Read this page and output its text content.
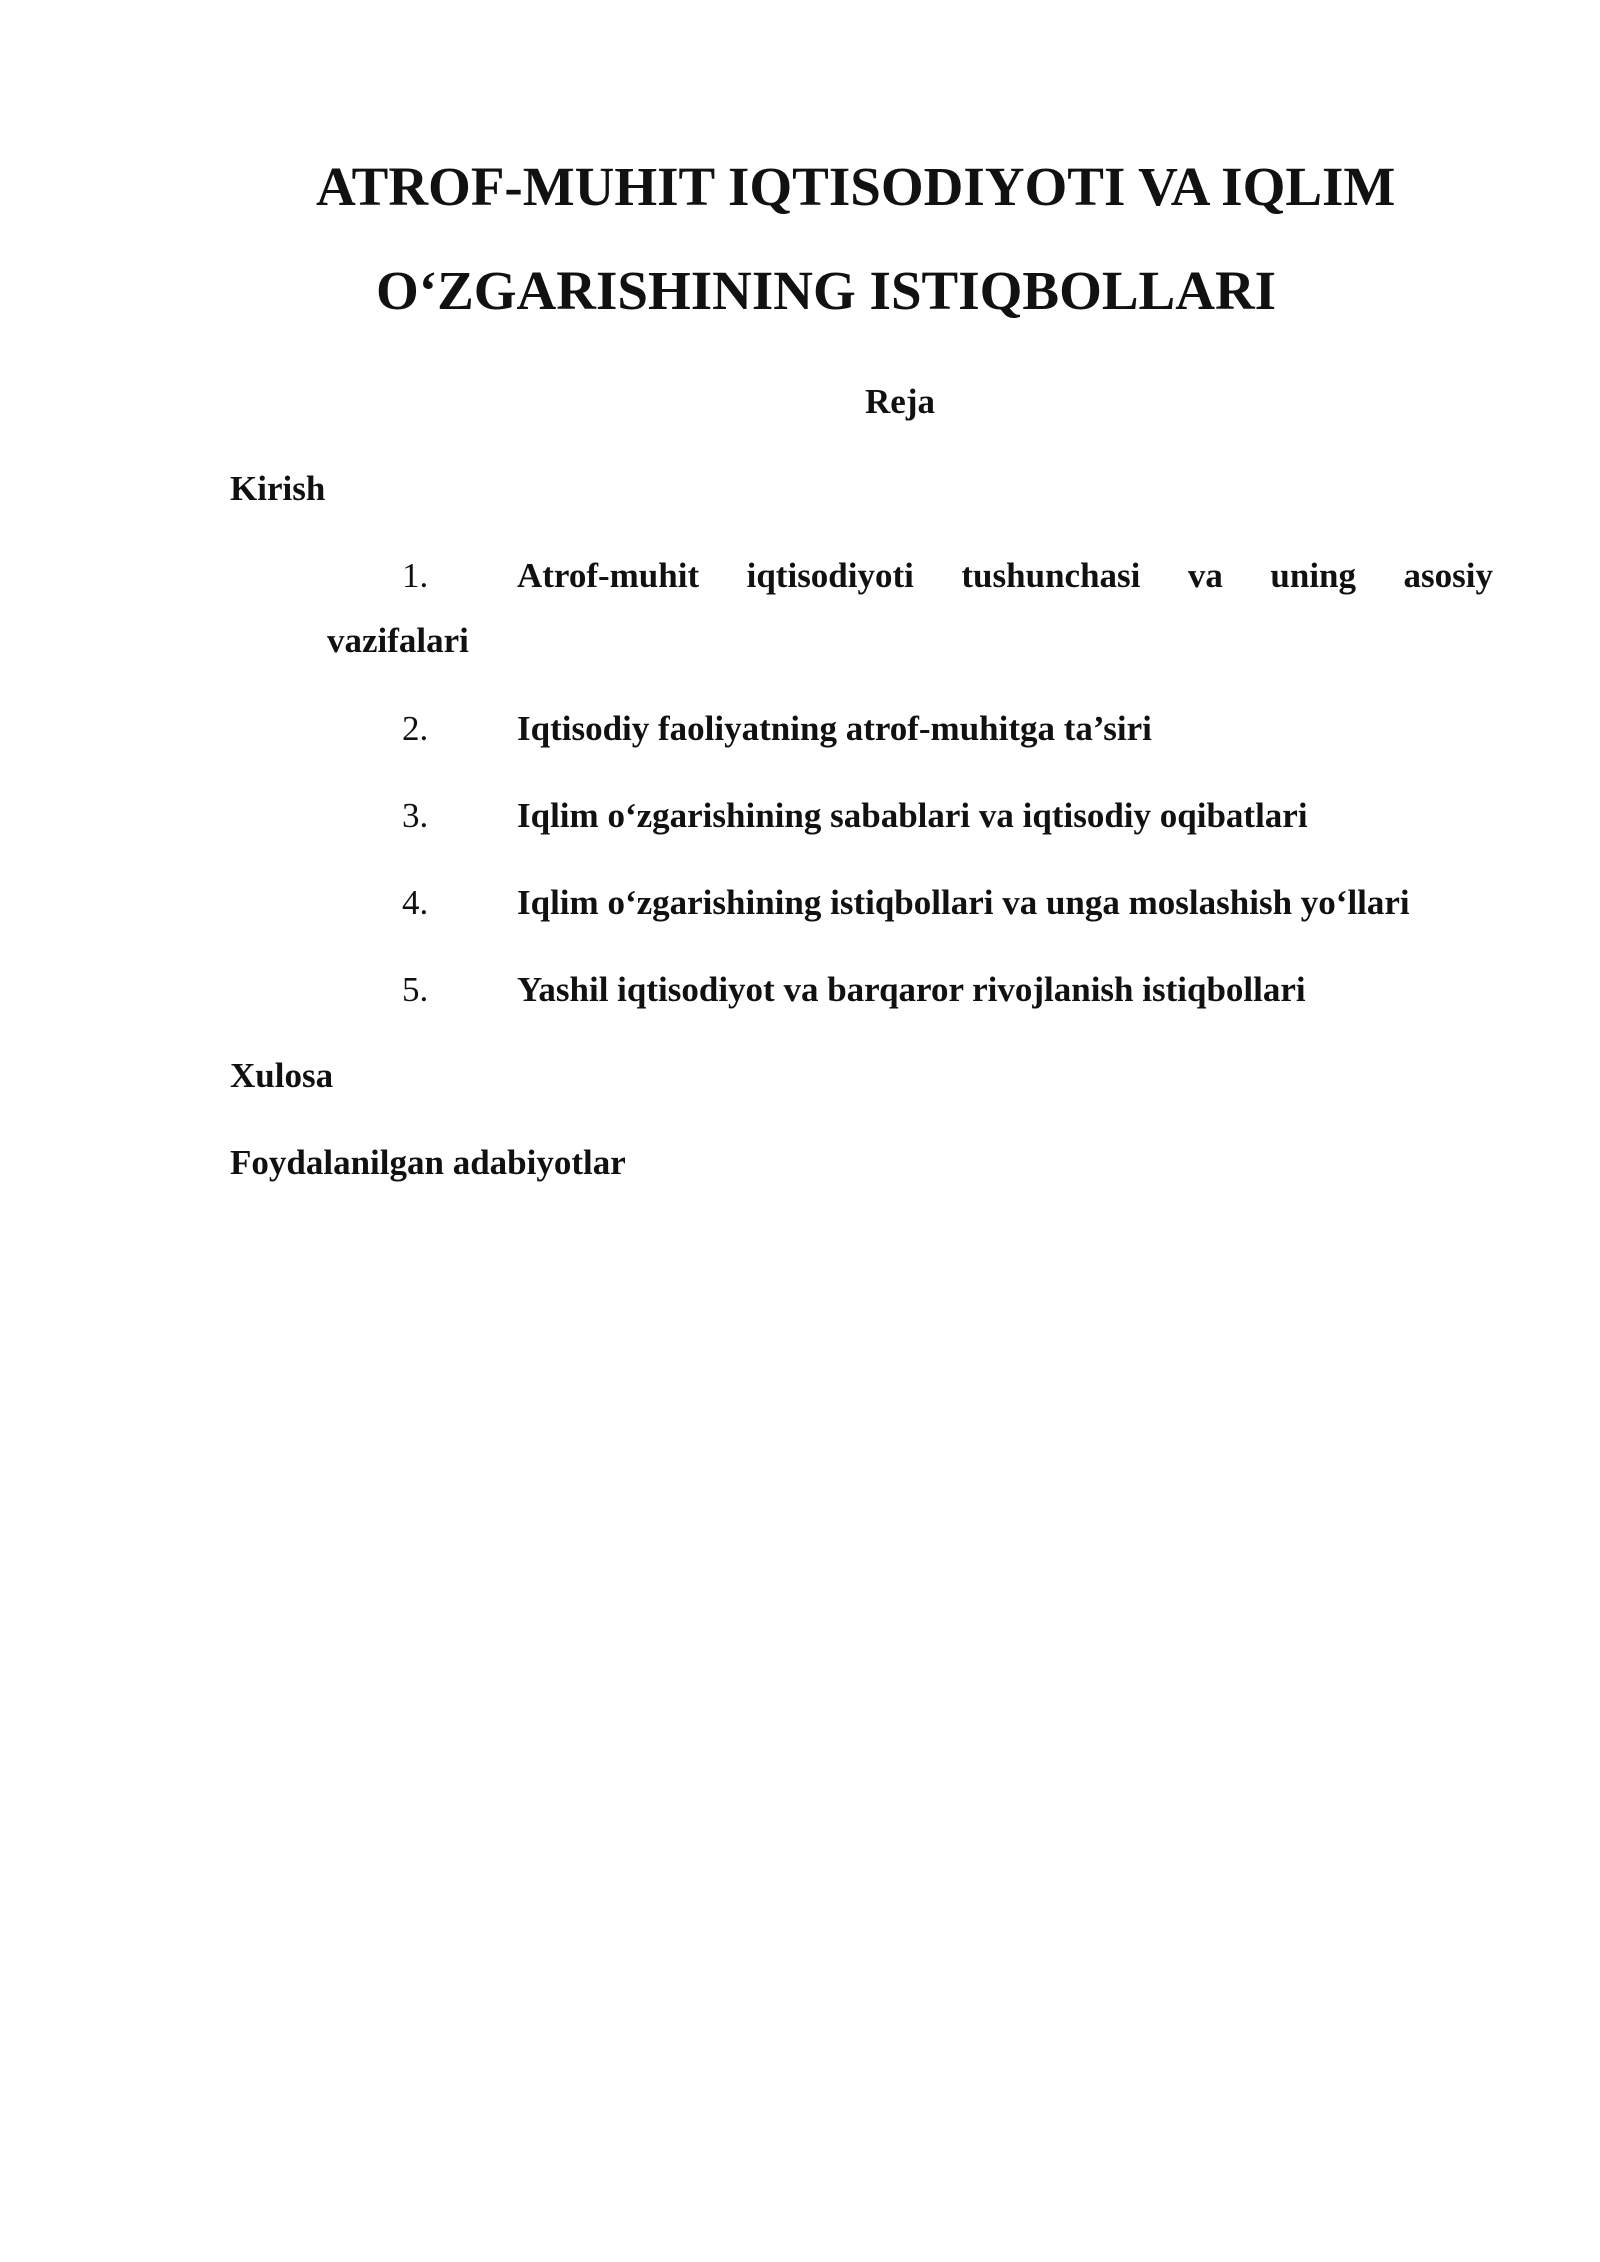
ATROF-MUHIT IQTISODIYOTI VA IQLIM
O‘ZGARISHINING ISTIQBOLLARI
Reja
Kirish
1.	Atrof-muhit iqtisodiyoti tushunchasi va uning asosiy
vazifalari
2.	Iqtisodiy faoliyatning atrof-muhitga ta’siri
3.	Iqlim o‘zgarishining sabablari va iqtisodiy oqibatlari
4.	Iqlim o‘zgarishining istiqbollari va unga moslashish yo‘llari
5.	Yashil iqtisodiyot va barqaror rivojlanish istiqbollari
Xulosa
Foydalanilgan adabiyotlar
